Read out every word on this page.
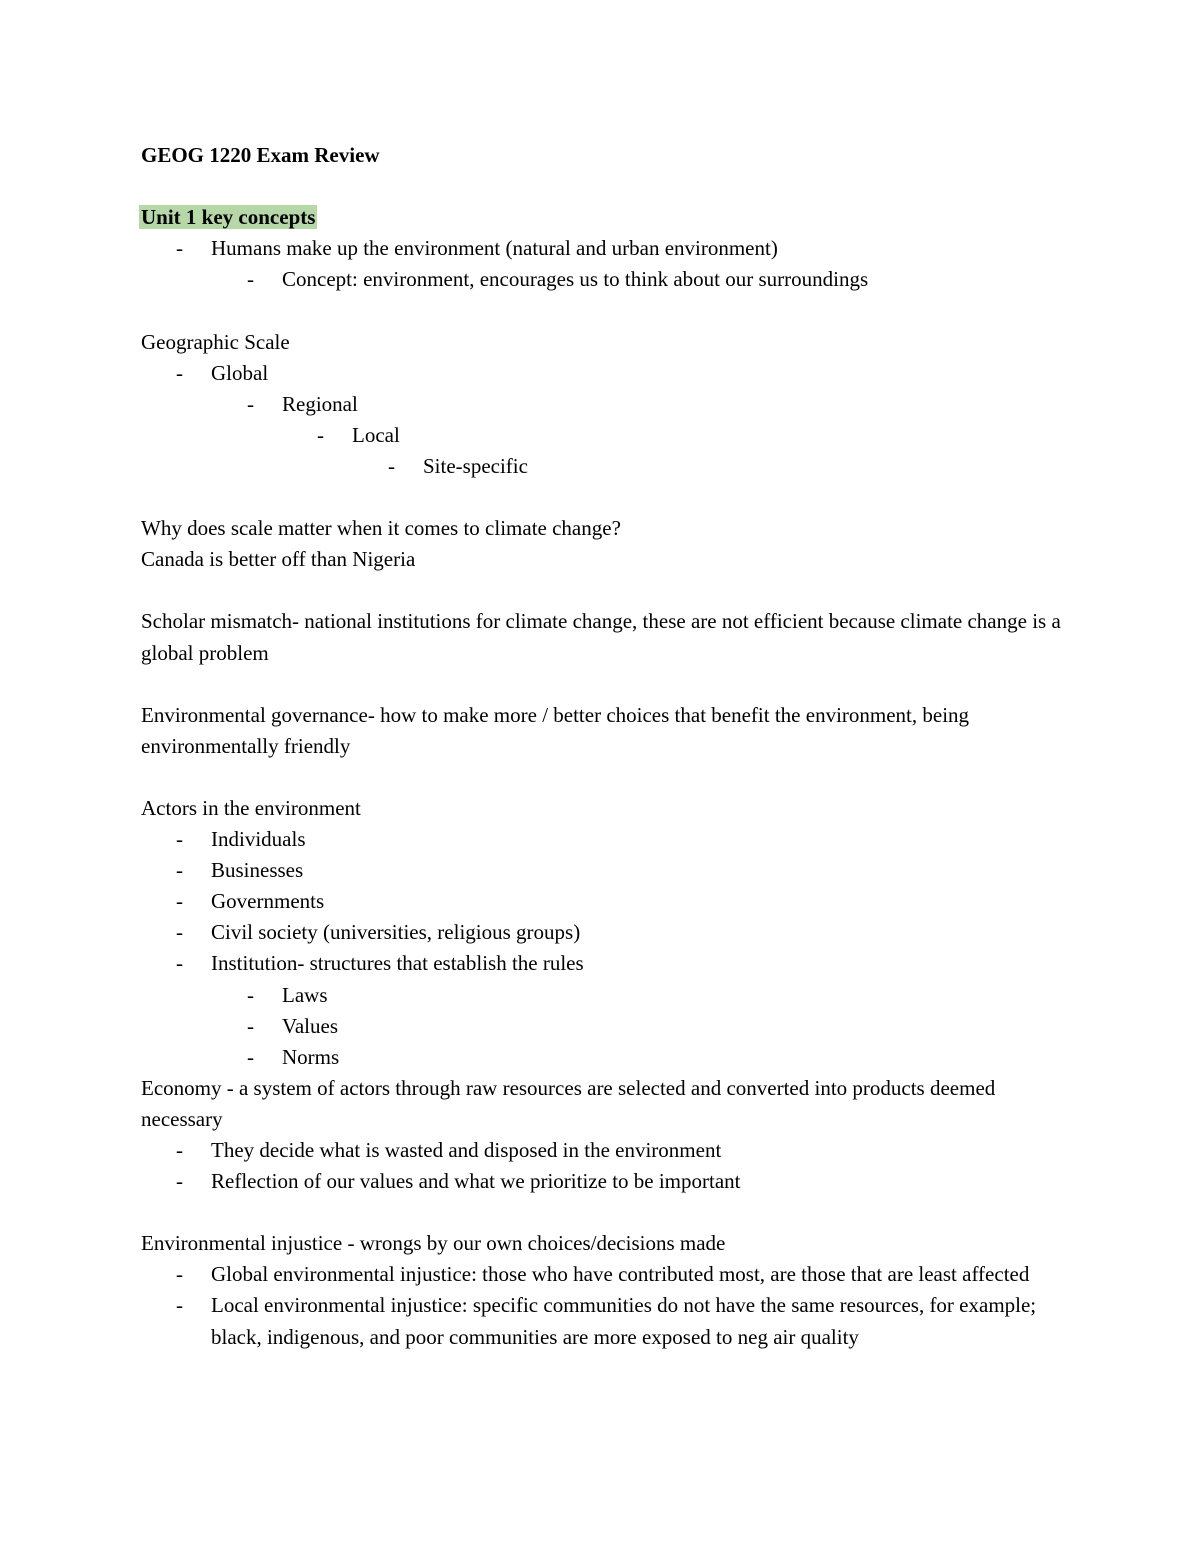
GEOG 1220 Exam Review

Unit 1 key concepts

- Humans make up the environment (natural and urban environment)

- Concept: environment, encourages us to think about our surroundings

Geographic Scale

- Global

- Regional

- Local

- Site-specific

Why does scale matter when it comes to climate change?

Canada is better off than Nigeria

Scholar mismatch- national institutions for climate change, these are not efficient because climate change is a global problem

Environmental governance- how to make more / better choices that benefit the environment, being environmentally friendly

Actors in the environment

- Individuals

- Businesses

- Governments

- Civil society (universities, religious groups)

- Institution- structures that establish the rules

- Laws

- Values

- Norms

Economy - a system of actors through raw resources are selected and converted into products deemed necessary

- They decide what is wasted and disposed in the environment

- Reflection of our values and what we prioritize to be important

Environmental injustice - wrongs by our own choices/decisions made

- Global environmental injustice: those who have contributed most, are those that are least affected

- Local environmental injustice: specific communities do not have the same resources, for example; black, indigenous, and poor communities are more exposed to neg air quality
